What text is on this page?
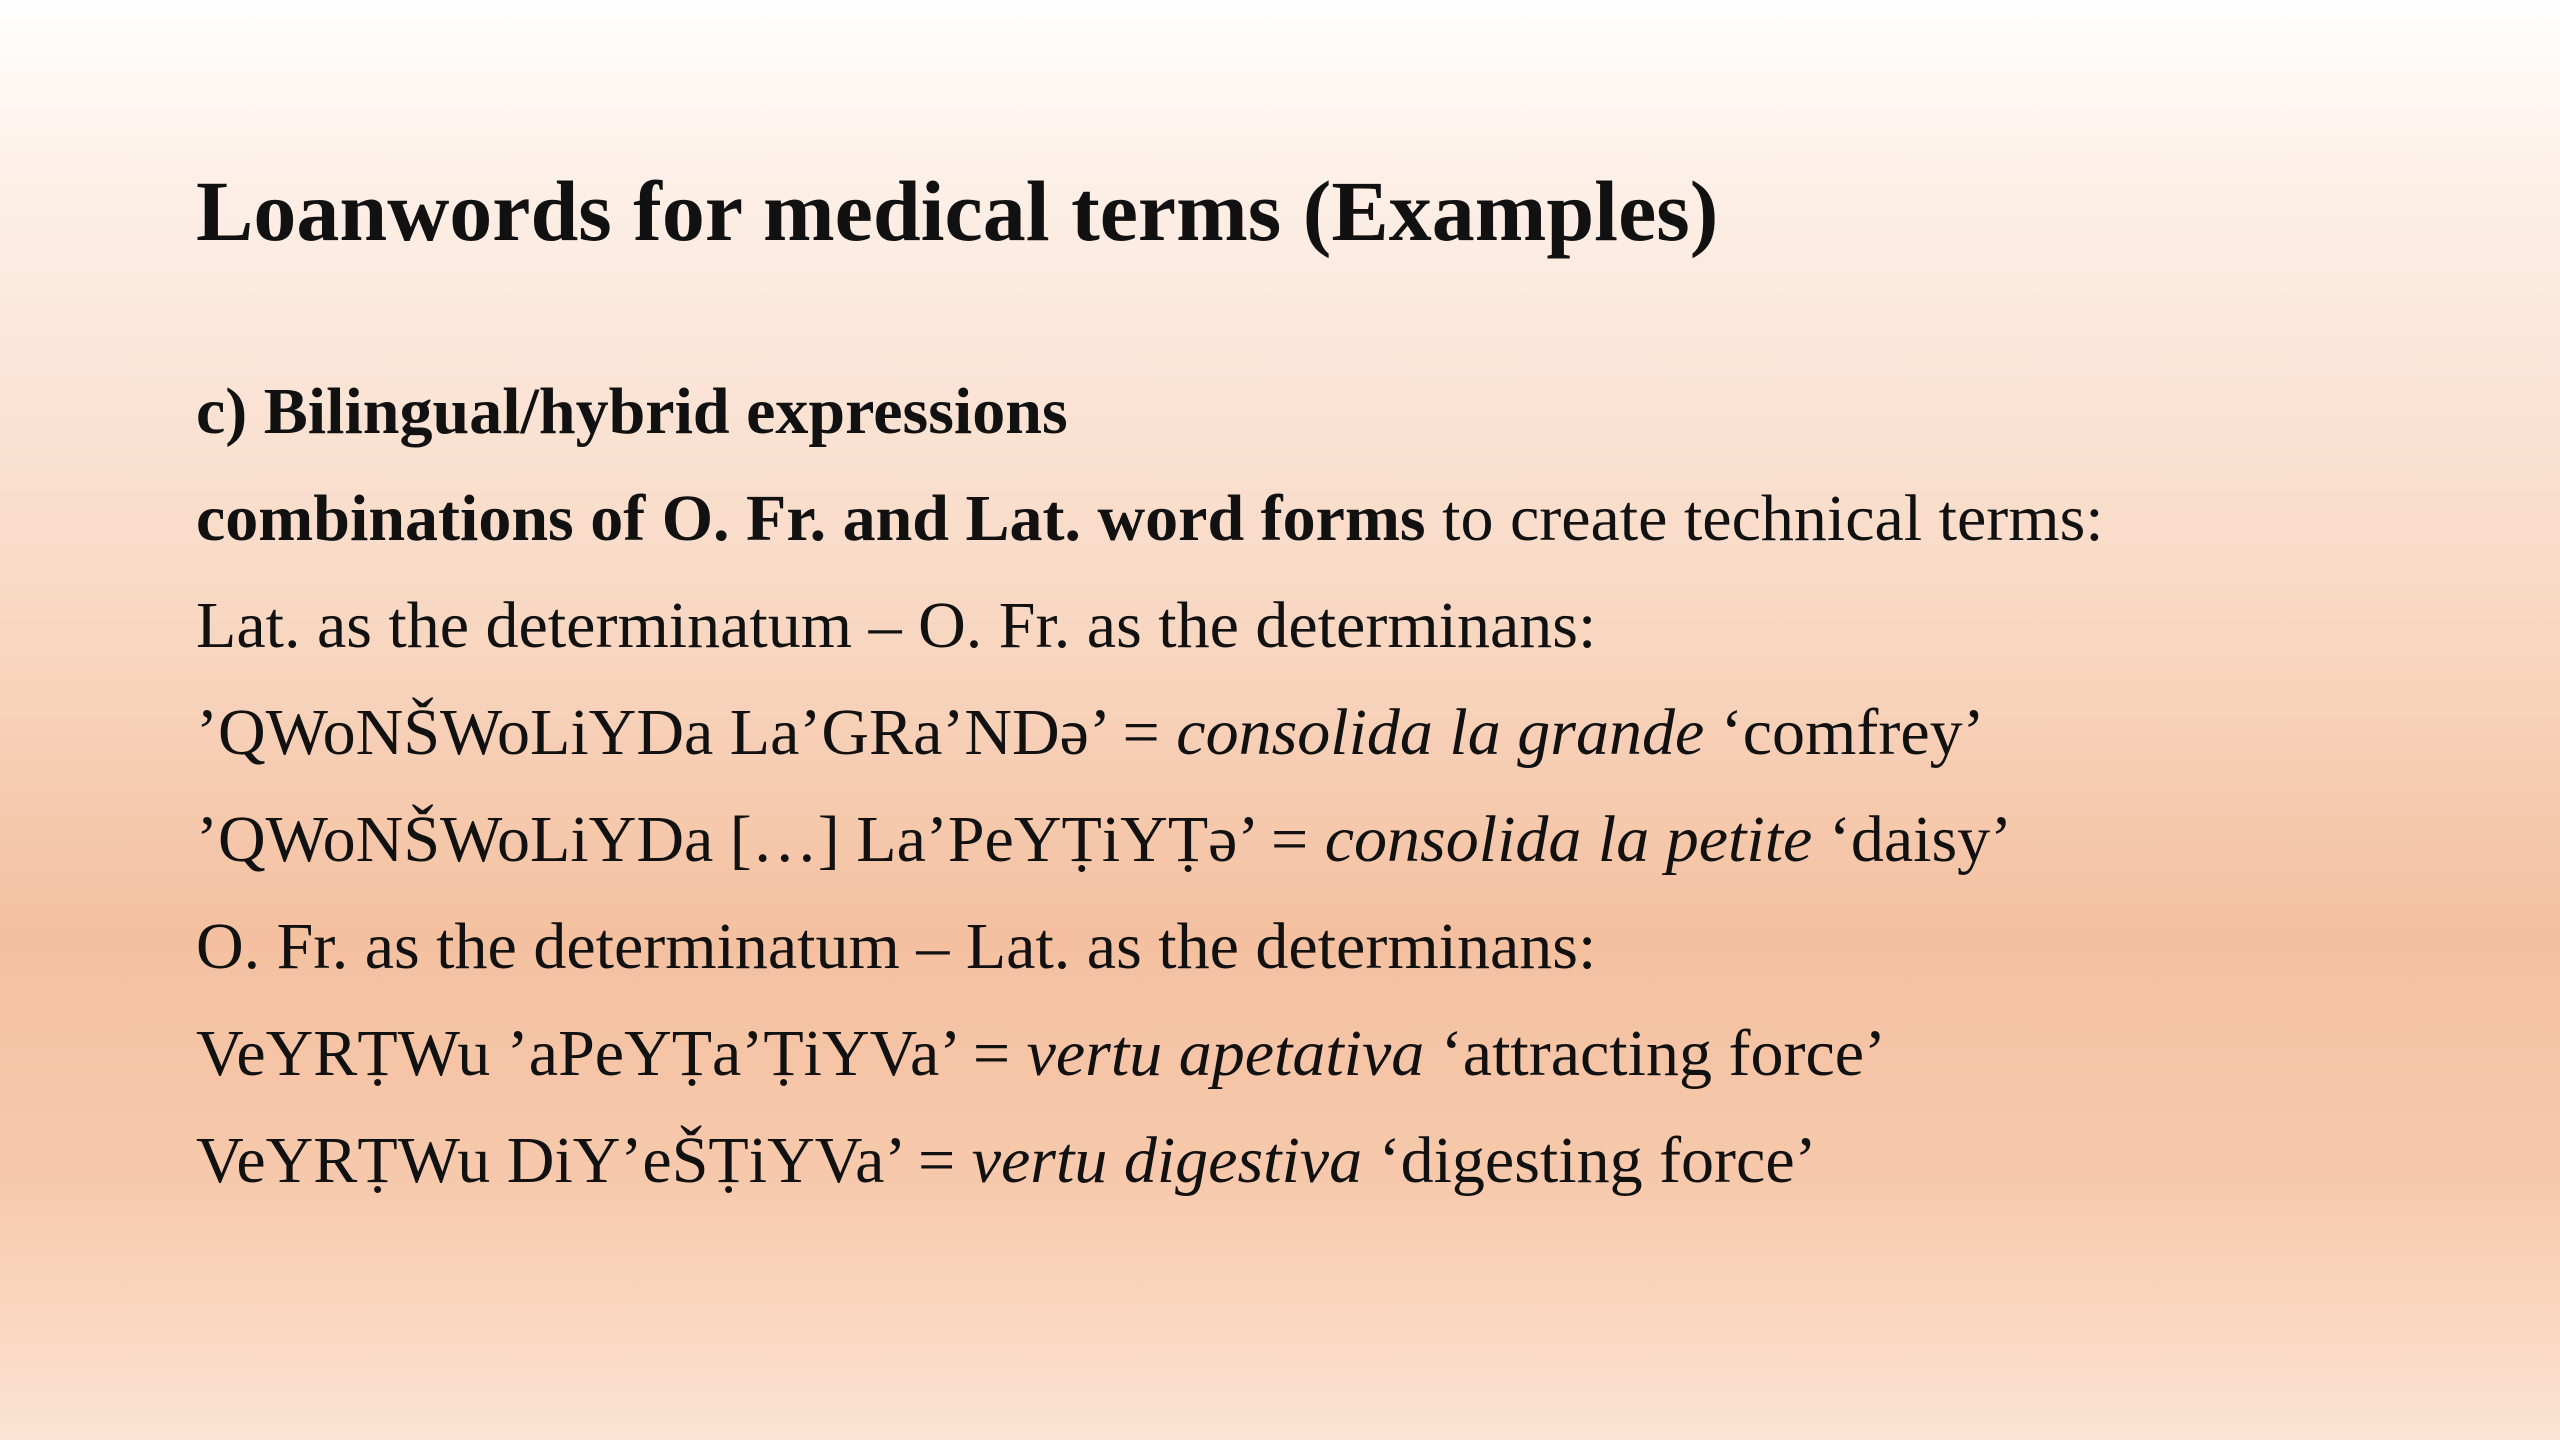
Loanwords for medical terms (Examples)
c) Bilingual/hybrid expressions
combinations of O. Fr. and Lat. word forms to create technical terms:
Lat. as the determinatum – O. Fr. as the determinans:
’QWoNŠWoLiYDa La’GRa’NDə’ = consolida la grande ‘comfrey’
’QWoNŠWoLiYDa […] La’PeYṬiYṬə’ = consolida la petite ‘daisy’
O. Fr. as the determinatum – Lat. as the determinans:
VeYRṬWu ’aPeYṬa’ṬiYVa’ = vertu apetativa ‘attracting force’
VeYRṬWu DiY’eŠṬiYVa’ = vertu digestiva ‘digesting force’
